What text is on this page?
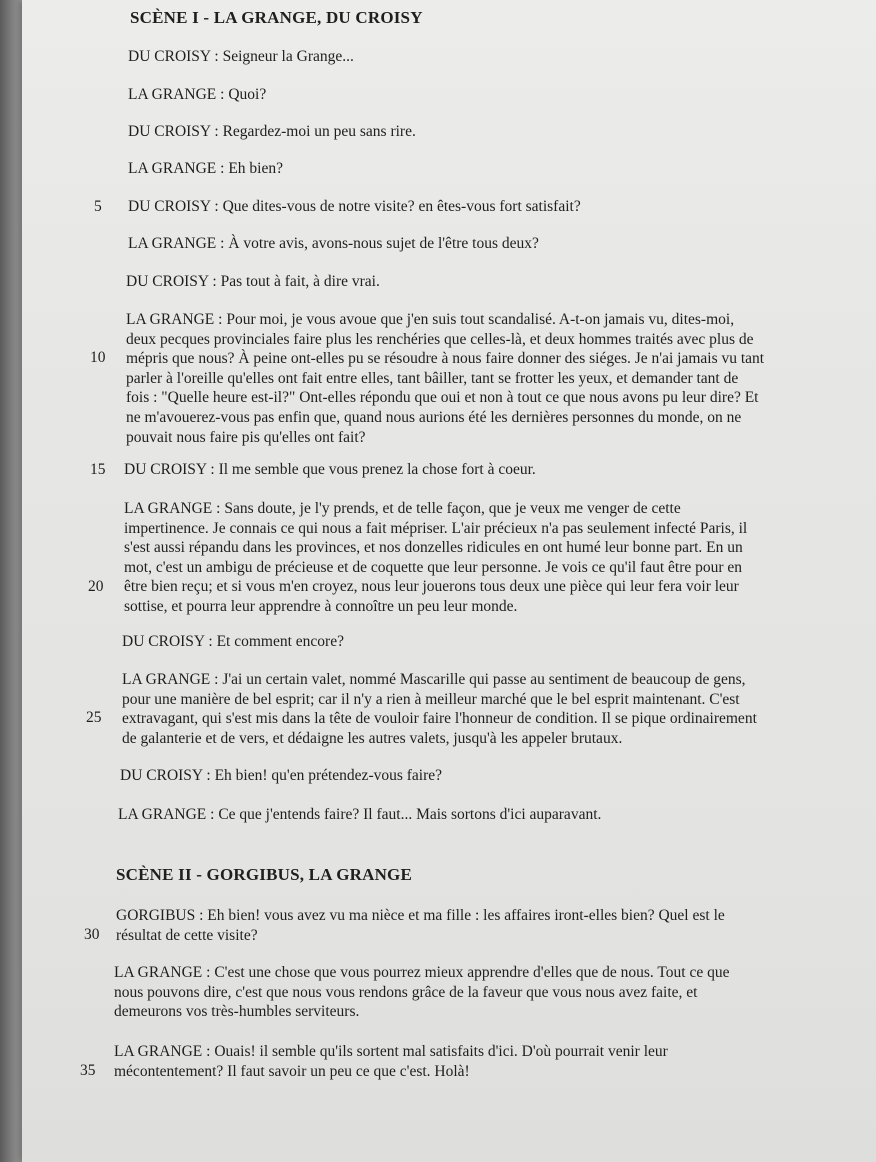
SCÈNE I - LA GRANGE, DU CROISY
DU CROISY : Seigneur la Grange...
LA GRANGE : Quoi?
DU CROISY : Regardez-moi un peu sans rire.
LA GRANGE : Eh bien?
5 DU CROISY : Que dites-vous de notre visite? en êtes-vous fort satisfait?
LA GRANGE : À votre avis, avons-nous sujet de l'être tous deux?
DU CROISY : Pas tout à fait, à dire vrai.
LA GRANGE : Pour moi, je vous avoue que j'en suis tout scandalisé. A-t-on jamais vu, dites-moi,
deux pecques provinciales faire plus les renchéries que celles-là, et deux hommes traités avec plus de
mépris que nous? À peine ont-elles pu se résoudre à nous faire donner des siéges. Je n'ai jamais vu tant
parler à l'oreille qu'elles ont fait entre elles, tant bâiller, tant se frotter les yeux, et demander tant de
fois : "Quelle heure est-il?" Ont-elles répondu que oui et non à tout ce que nous avons pu leur dire? Et
ne m'avouerez-vous pas enfin que, quand nous aurions été les dernières personnes du monde, on ne
pouvait nous faire pis qu'elles ont fait?
10
15 DU CROISY : Il me semble que vous prenez la chose fort à coeur.
LA GRANGE : Sans doute, je l'y prends, et de telle façon, que je veux me venger de cette
impertinence. Je connais ce qui nous a fait mépriser. L'air précieux n'a pas seulement infecté Paris, il
s'est aussi répandu dans les provinces, et nos donzelles ridicules en ont humé leur bonne part. En un
mot, c'est un ambigu de précieuse et de coquette que leur personne. Je vois ce qu'il faut être pour en
être bien reçu; et si vous m'en croyez, nous leur jouerons tous deux une pièce qui leur fera voir leur
sottise, et pourra leur apprendre à connoître un peu leur monde.
20
DU CROISY : Et comment encore?
LA GRANGE : J'ai un certain valet, nommé Mascarille qui passe au sentiment de beaucoup de gens,
pour une manière de bel esprit; car il n'y a rien à meilleur marché que le bel esprit maintenant. C'est
extravagant, qui s'est mis dans la tête de vouloir faire l'honneur de condition. Il se pique ordinairement
de galanterie et de vers, et dédaigne les autres valets, jusqu'à les appeler brutaux.
25
DU CROISY : Eh bien! qu'en prétendez-vous faire?
LA GRANGE : Ce que j'entends faire? Il faut... Mais sortons d'ici auparavant.
SCÈNE II - GORGIBUS, LA GRANGE
GORGIBUS : Eh bien! vous avez vu ma nièce et ma fille : les affaires iront-elles bien? Quel est le
résultat de cette visite?
30
LA GRANGE : C'est une chose que vous pourrez mieux apprendre d'elles que de nous. Tout ce que
nous pouvons dire, c'est que nous vous rendons grâce de la faveur que vous nous avez faite, et
demeurons vos très-humbles serviteurs.
LA GRANGE : Ouais! il semble qu'ils sortent mal satisfaits d'ici. D'où pourrait venir leur
mécontentement? Il faut savoir un peu ce que c'est. Holà!
35
